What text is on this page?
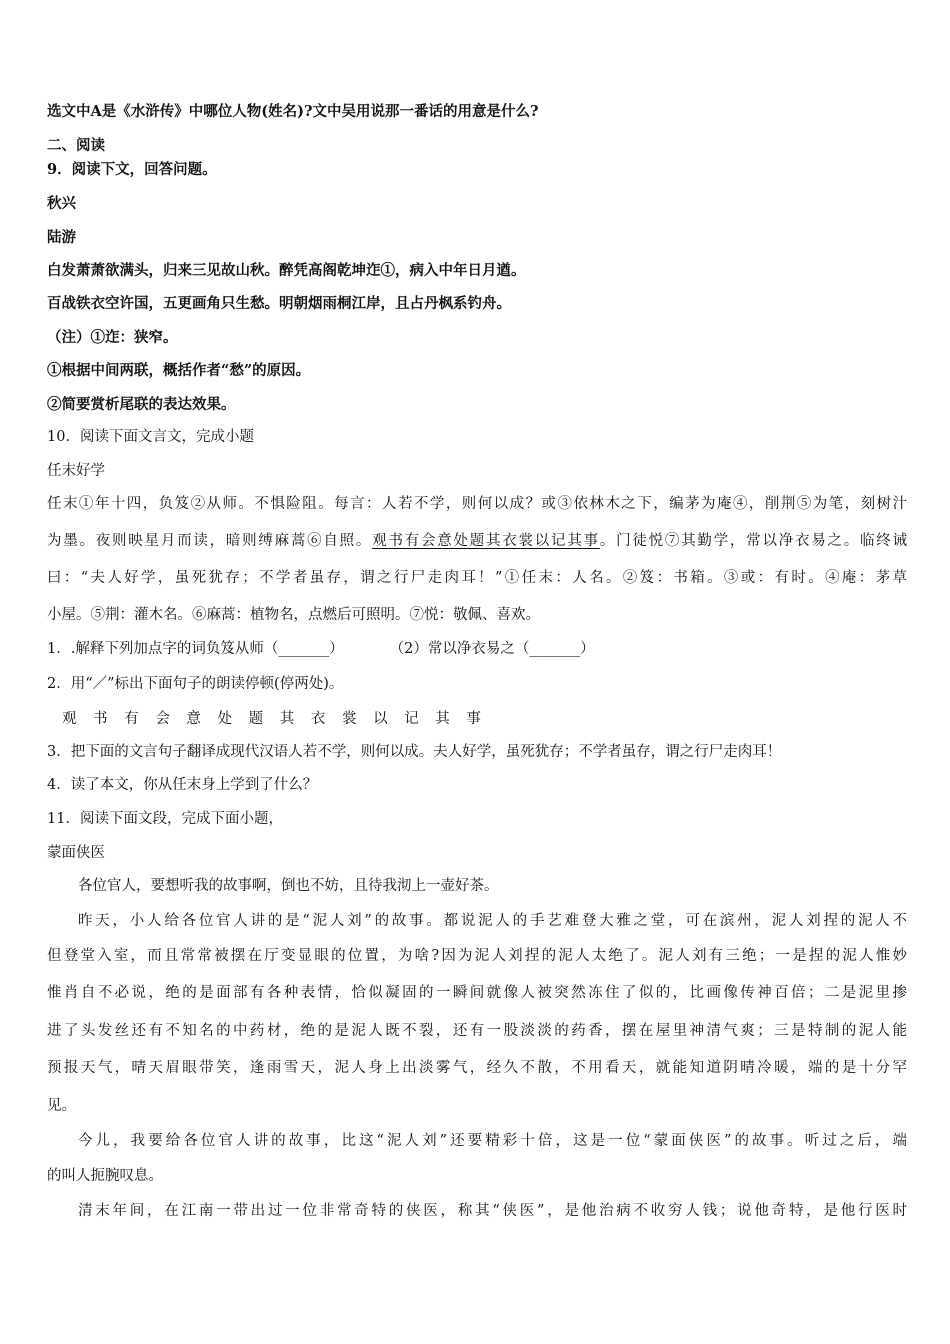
选文中A是《水浒传》中哪位人物(姓名)?文中吴用说那一番话的用意是什么?
二、阅读
9．阅读下文，回答问题。
秋兴
陆游
白发萧萧欲满头，归来三见故山秋。醉凭高阁乾坤迮①，病入中年日月遒。
百战铁衣空许国，五更画角只生愁。明朝烟雨桐江岸，且占丹枫系钓舟。
（注）①迮：狭窄。
①根据中间两联，概括作者“愁”的原因。
②简要赏析尾联的表达效果。
10．阅读下面文言文，完成小题
任末好学
任末①年十四，负笈②从师。不惧险阻。每言：人若不学，则何以成？或③依林木之下，编茅为庵④，削荆⑤为笔，刻树汁
为墨。夜则映星月而读，暗则缚麻蒿⑥自照。观书有会意处题其衣裳以记其事。门徒悦⑦其勤学，常以净衣易之。临终诫
曰：“夫人好学，虽死犹存；不学者虽存，谓之行尸走肉耳！”①任末：人名。②笈：书箱。③或：有时。④庵：茅草
小屋。⑤荆：灌木名。⑥麻蒿：植物名，点燃后可照明。⑦悦：敬佩、喜欢。
1．.解释下列加点字的词负笈从师（_______）          （2）常以净衣易之（_______）
2．用“／”标出下面句子的朗读停顿(停两处)。
观 书 有 会 意 处 题 其 衣 裳 以 记 其 事
3．把下面的文言句子翻译成现代汉语人若不学，则何以成。夫人好学，虽死犹存；不学者虽存，谓之行尸走肉耳！
4．读了本文，你从任末身上学到了什么？
11．阅读下面文段，完成下面小题，
蒙面侠医
各位官人，要想听我的故事啊，倒也不妨，且待我沏上一壶好茶。
昨天，小人给各位官人讲的是“泥人刘”的故事。都说泥人的手艺难登大雅之堂，可在滨州，泥人刘捏的泥人不
但登堂入室，而且常常被摆在厅变显眼的位置，为啥?因为泥人刘捏的泥人太绝了。泥人刘有三绝；一是捏的泥人惟妙
惟肖自不必说，绝的是面部有各种表情，恰似凝固的一瞬间就像人被突然冻住了似的，比画像传神百倍；二是泥里掺
进了头发丝还有不知名的中药材，绝的是泥人既不裂，还有一股淡淡的药香，摆在屋里神清气爽；三是特制的泥人能
预报天气，晴天眉眼带笑，逢雨雪天，泥人身上出淡雾气，经久不散，不用看天，就能知道阴晴冷暖，端的是十分罕
见。
今儿，我要给各位官人讲的故事，比这“泥人刘”还要精彩十倍，这是一位“蒙面侠医”的故事。听过之后，端
的叫人扼腕叹息。
清末年间，在江南一带出过一位非常奇特的侠医，称其“侠医”，是他治病不收穷人钱；说他奇特，是他行医时
